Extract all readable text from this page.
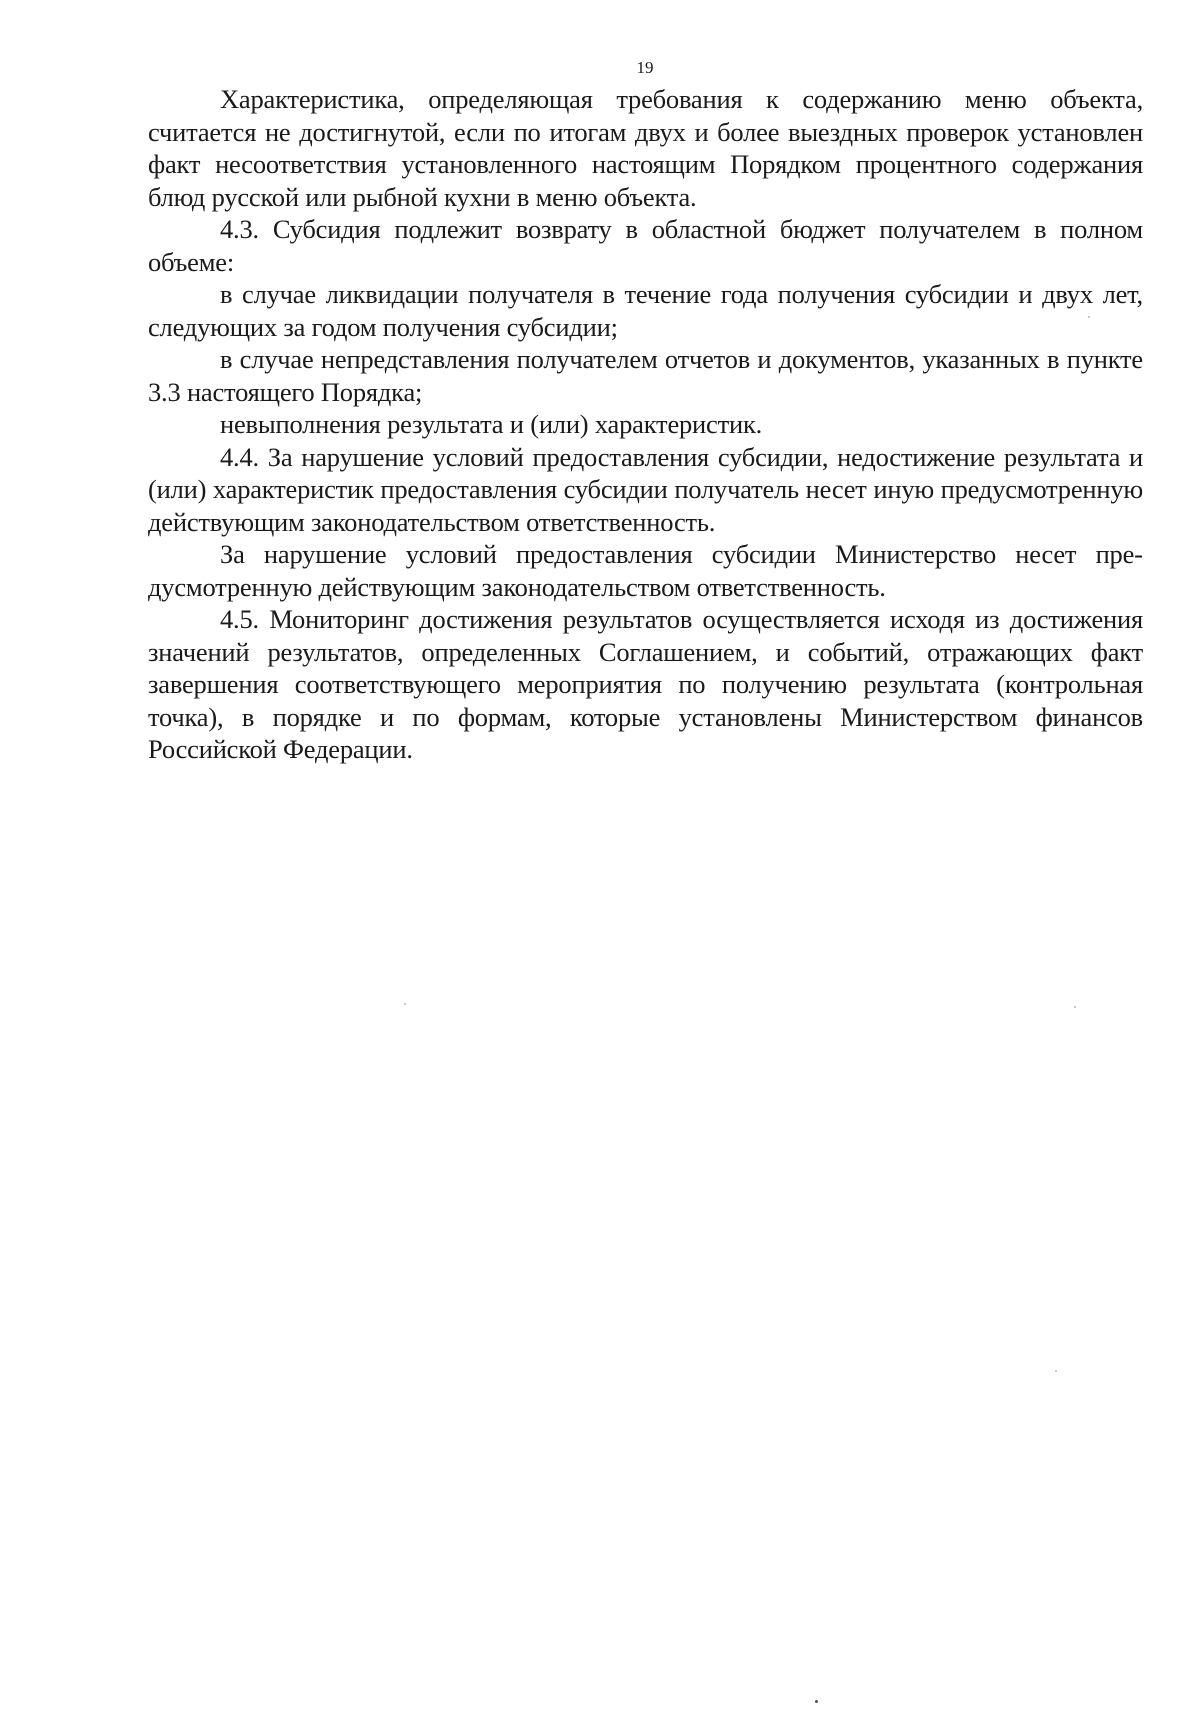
19

Характеристика, определяющая требования к содержанию меню объекта, считается не достигнутой, если по итогам двух и более выездных проверок установлен факт несоответствия установленного настоящим Порядком процентного содержания блюд русской или рыбной кухни в меню объекта.

4.3. Субсидия подлежит возврату в областной бюджет получателем в полном объеме:

в случае ликвидации получателя в течение года получения субсидии и двух лет, следующих за годом получения субсидии;

в случае непредставления получателем отчетов и документов, указанных в пункте 3.3 настоящего Порядка;

невыполнения результата и (или) характеристик.

4.4. За нарушение условий предоставления субсидии, недостижение результата и (или) характеристик предоставления субсидии получатель несет иную предусмотренную действующим законодательством ответственность.

За нарушение условий предоставления субсидии Министерство несет предусмотренную действующим законодательством ответственность.

4.5. Мониторинг достижения результатов осуществляется исходя из достижения значений результатов, определенных Соглашением, и событий, отражающих факт завершения соответствующего мероприятия по получению результата (контрольная точка), в порядке и по формам, которые установлены Министерством финансов Российской Федерации.
